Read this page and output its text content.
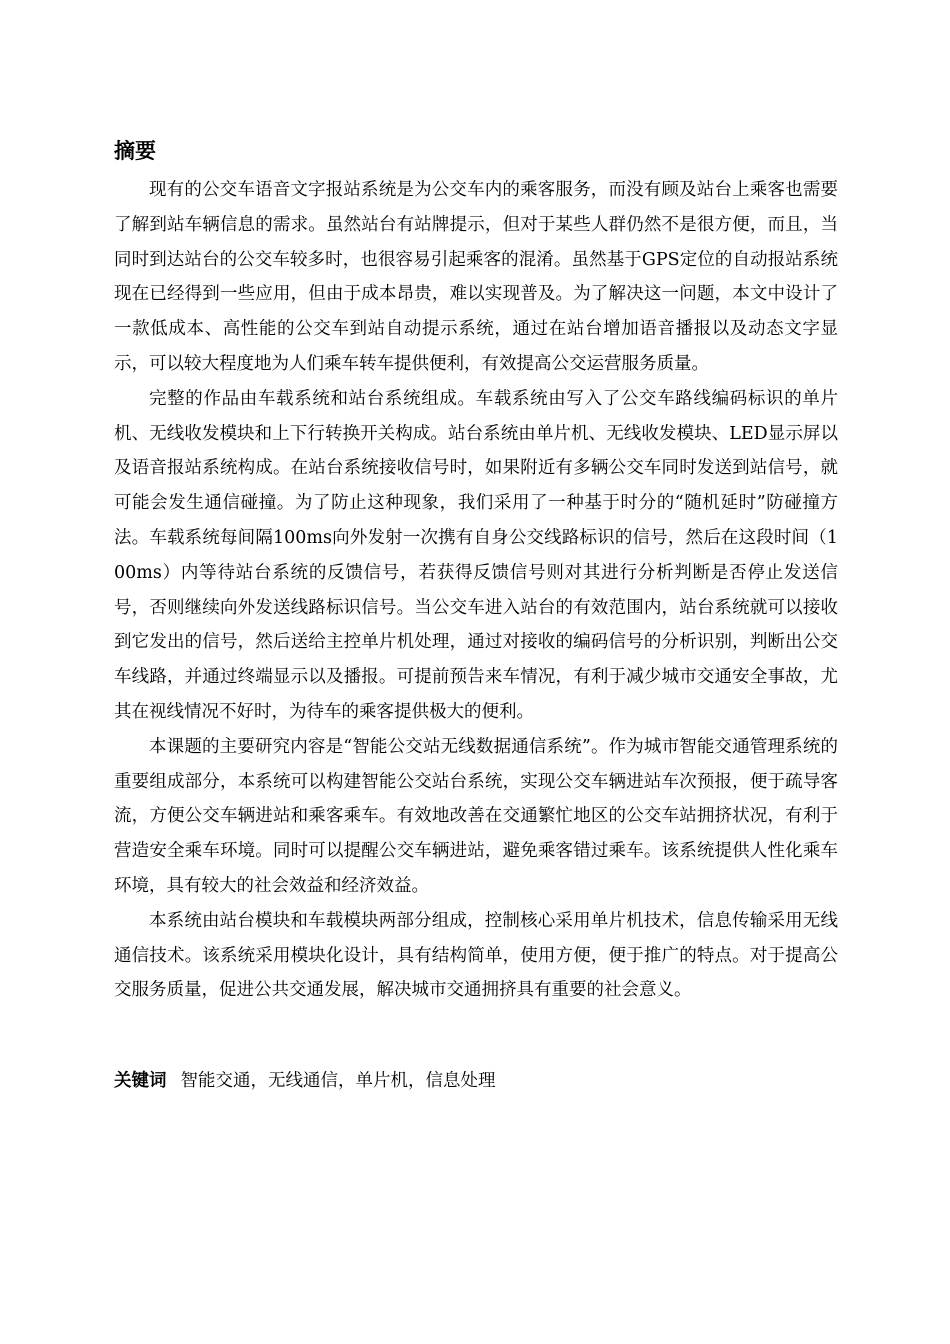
摘要

现有的公交车语音文字报站系统是为公交车内的乘客服务，而没有顾及站台上乘客也需要了解到站车辆信息的需求。虽然站台有站牌提示，但对于某些人群仍然不是很方便，而且，当同时到达站台的公交车较多时，也很容易引起乘客的混淆。虽然基于GPS定位的自动报站系统现在已经得到一些应用，但由于成本昂贵，难以实现普及。为了解决这一问题，本文中设计了一款低成本、高性能的公交车到站自动提示系统，通过在站台增加语音播报以及动态文字显示，可以较大程度地为人们乘车转车提供便利，有效提高公交运营服务质量。

完整的作品由车载系统和站台系统组成。车载系统由写入了公交车路线编码标识的单片机、无线收发模块和上下行转换开关构成。站台系统由单片机、无线收发模块、LED显示屏以及语音报站系统构成。在站台系统接收信号时，如果附近有多辆公交车同时发送到站信号，就可能会发生通信碰撞。为了防止这种现象，我们采用了一种基于时分的“随机延时”防碰撞方法。车载系统每间隔100ms向外发射一次携有自身公交线路标识的信号，然后在这段时间（100ms）内等待站台系统的反馈信号，若获得反馈信号则对其进行分析判断是否停止发送信号，否则继续向外发送线路标识信号。当公交车进入站台的有效范围内，站台系统就可以接收到它发出的信号，然后送给主控单片机处理，通过对接收的编码信号的分析识别，判断出公交车线路，并通过终端显示以及播报。可提前预告来车情况，有利于减少城市交通安全事故，尤其在视线情况不好时，为待车的乘客提供极大的便利。

本课题的主要研究内容是“智能公交站无线数据通信系统”。作为城市智能交通管理系统的重要组成部分，本系统可以构建智能公交站台系统，实现公交车辆进站车次预报，便于疏导客流，方便公交车辆进站和乘客乘车。有效地改善在交通繁忙地区的公交车站拥挤状况，有利于营造安全乘车环境。同时可以提醒公交车辆进站，避免乘客错过乘车。该系统提供人性化乘车环境，具有较大的社会效益和经济效益。

本系统由站台模块和车载模块两部分组成，控制核心采用单片机技术，信息传输采用无线通信技术。该系统采用模块化设计，具有结构简单，使用方便，便于推广的特点。对于提高公交服务质量，促进公共交通发展，解决城市交通拥挤具有重要的社会意义。

关键词 智能交通，无线通信，单片机，信息处理
